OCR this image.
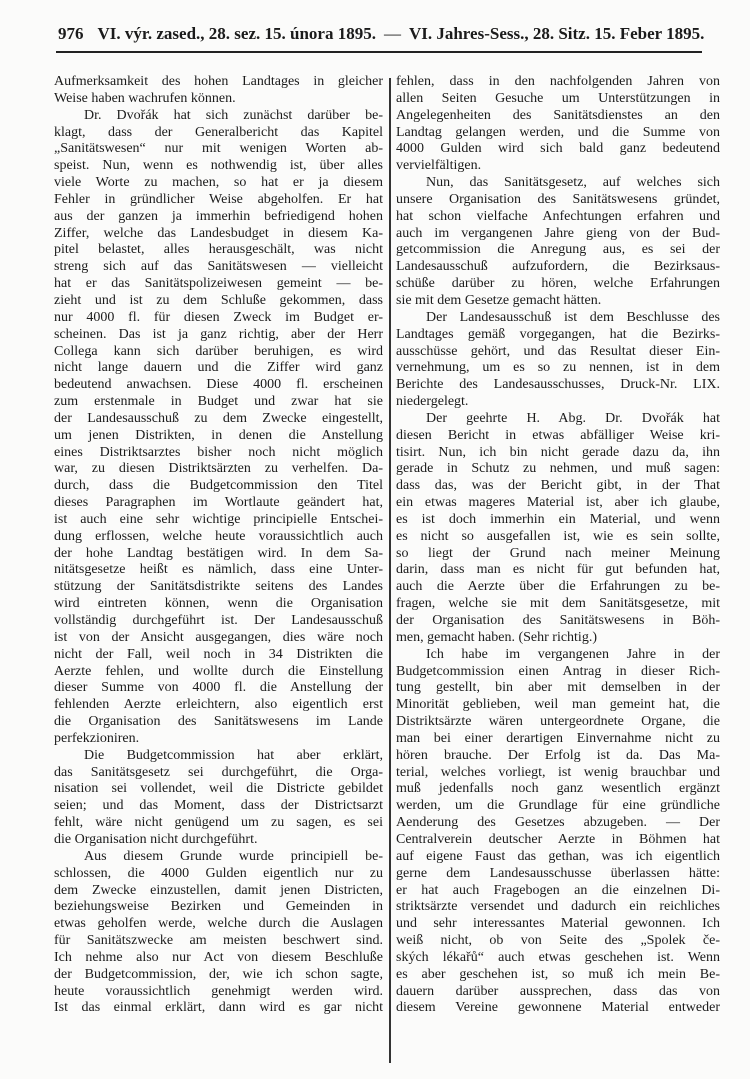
976 VI. výr. zased., 28. sez. 15. února 1895. — VI. Jahres-Sess., 28. Sitz. 15. Feber 1895.
Aufmerksamkeit des hohen Landtages in gleicher
Weise haben wachrufen können.
Dr. Dvořák hat sich zunächst darüber be-
klagt, dass der Generalbericht das Kapitel
„Sanitätswesen“ nur mit wenigen Worten ab-
speist. Nun, wenn es nothwendig ist, über alles
viele Worte zu machen, so hat er ja diesem
Fehler in gründlicher Weise abgeholfen. Er hat
aus der ganzen ja immerhin befriedigend hohen
Ziffer, welche das Landesbudget in diesem Ka-
pitel belastet, alles herausgeschält, was nicht
streng sich auf das Sanitätswesen — vielleicht
hat er das Sanitätspolizeiwesen gemeint — be-
zieht und ist zu dem Schluße gekommen, dass
nur 4000 fl. für diesen Zweck im Budget er-
scheinen. Das ist ja ganz richtig, aber der Herr
Collega kann sich darüber beruhigen, es wird
nicht lange dauern und die Ziffer wird ganz
bedeutend anwachsen. Diese 4000 fl. erscheinen
zum erstenmale in Budget und zwar hat sie
der Landesausschuß zu dem Zwecke eingestellt,
um jenen Distrikten, in denen die Anstellung
eines Distriktsarztes bisher noch nicht möglich
war, zu diesen Distriktsärzten zu verhelfen. Da-
durch, dass die Budgetcommission den Titel
dieses Paragraphen im Wortlaute geändert hat,
ist auch eine sehr wichtige principielle Entschei-
dung erflossen, welche heute voraussichtlich auch
der hohe Landtag bestätigen wird. In dem Sa-
nitätsgesetze heißt es nämlich, dass eine Unter-
stützung der Sanitätsdistrikte seitens des Landes
wird eintreten können, wenn die Organisation
vollständig durchgeführt ist. Der Landesausschuß
ist von der Ansicht ausgegangen, dies wäre noch
nicht der Fall, weil noch in 34 Distrikten die
Aerzte fehlen, und wollte durch die Einstellung
dieser Summe von 4000 fl. die Anstellung der
fehlenden Aerzte erleichtern, also eigentlich erst
die Organisation des Sanitätswesens im Lande
perfekzioniren.
Die Budgetcommission hat aber erklärt,
das Sanitätsgesetz sei durchgeführt, die Orga-
nisation sei vollendet, weil die Districte gebildet
seien; und das Moment, dass der Districtsarzt
fehlt, wäre nicht genügend um zu sagen, es sei
die Organisation nicht durchgeführt.
Aus diesem Grunde wurde principiell be-
schlossen, die 4000 Gulden eigentlich nur zu
dem Zwecke einzustellen, damit jenen Districten,
beziehungsweise Bezirken und Gemeinden in
etwas geholfen werde, welche durch die Auslagen
für Sanitätszwecke am meisten beschwert sind.
Ich nehme also nur Act von diesem Beschluße
der Budgetcommission, der, wie ich schon sagte,
heute voraussichtlich genehmigt werden wird.
Ist das einmal erklärt, dann wird es gar nicht
fehlen, dass in den nachfolgenden Jahren von
allen Seiten Gesuche um Unterstützungen in
Angelegenheiten des Sanitätsdienstes an den
Landtag gelangen werden, und die Summe von
4000 Gulden wird sich bald ganz bedeutend
vervielfältigen.
Nun, das Sanitätsgesetz, auf welches sich
unsere Organisation des Sanitätswesens gründet,
hat schon vielfache Anfechtungen erfahren und
auch im vergangenen Jahre gieng von der Bud-
getcommission die Anregung aus, es sei der
Landesausschuß aufzufordern, die Bezirksaus-
schüße darüber zu hören, welche Erfahrungen
sie mit dem Gesetze gemacht hätten.
Der Landesausschuß ist dem Beschlusse des
Landtages gemäß vorgegangen, hat die Bezirks-
ausschüsse gehört, und das Resultat dieser Ein-
vernehmung, um es so zu nennen, ist in dem
Berichte des Landesausschusses, Druck-Nr. LIX.
niedergelegt.
Der geehrte H. Abg. Dr. Dvořák hat
diesen Bericht in etwas abfälliger Weise kri-
tisirt. Nun, ich bin nicht gerade dazu da, ihn
gerade in Schutz zu nehmen, und muß sagen:
dass das, was der Bericht gibt, in der That
ein etwas mageres Material ist, aber ich glaube,
es ist doch immerhin ein Material, und wenn
es nicht so ausgefallen ist, wie es sein sollte,
so liegt der Grund nach meiner Meinung
darin, dass man es nicht für gut befunden hat,
auch die Aerzte über die Erfahrungen zu be-
fragen, welche sie mit dem Sanitätsgesetze, mit
der Organisation des Sanitätswesens in Böh-
men, gemacht haben. (Sehr richtig.)
Ich habe im vergangenen Jahre in der
Budgetcommission einen Antrag in dieser Rich-
tung gestellt, bin aber mit demselben in der
Minorität geblieben, weil man gemeint hat, die
Distriktsärzte wären untergeordnete Organe, die
man bei einer derartigen Einvernahme nicht zu
hören brauche. Der Erfolg ist da. Das Ma-
terial, welches vorliegt, ist wenig brauchbar und
muß jedenfalls noch ganz wesentlich ergänzt
werden, um die Grundlage für eine gründliche
Aenderung des Gesetzes abzugeben. — Der
Centralverein deutscher Aerzte in Böhmen hat
auf eigene Faust das gethan, was ich eigentlich
gerne dem Landesausschusse überlassen hätte:
er hat auch Fragebogen an die einzelnen Di-
striktsärzte versendet und dadurch ein reichliches
und sehr interessantes Material gewonnen. Ich
weiß nicht, ob von Seite des „Spolek če-
ských lékařů“ auch etwas geschehen ist. Wenn
es aber geschehen ist, so muß ich mein Be-
dauern darüber aussprechen, dass das von
diesem Vereine gewonnene Material entweder
